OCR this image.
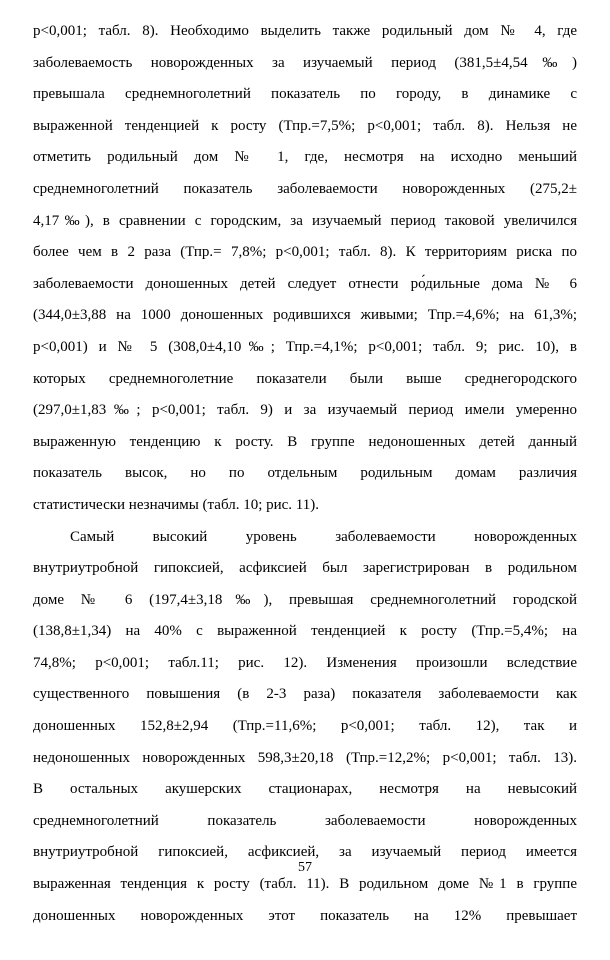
р<0,001; табл. 8). Необходимо выделить также родильный дом № 4, где
заболеваемость новорожденных за изучаемый период (381,5±4,54‰)
превышала среднемноголетний показатель по городу, в динамике с
выраженной тенденцией к росту (Тпр.=7,5%; p<0,001; табл. 8). Нельзя не
отметить родильный дом № 1, где, несмотря на исходно меньший
среднемноголетний показатель заболеваемости новорожденных (275,2±
4,17‰), в сравнении с городским, за изучаемый период таковой увеличился
более чем в 2 раза (Тпр.= 7,8%; p<0,001; табл. 8). К территориям риска по
заболеваемости доношенных детей следует отнести ро́дильные дома № 6
(344,0±3,88 на 1000 доношенных родившихся живыми; Тпр.=4,6%; на 61,3%;
p<0,001) и № 5 (308,0±4,10‰; Тпр.=4,1%; p<0,001; табл. 9; рис. 10), в
которых среднемноголетние показатели были выше среднегородского
(297,0±1,83‰; p<0,001; табл. 9) и за изучаемый период имели умеренно
выраженную тенденцию к росту. В группе недоношенных детей данный
показатель высок, но по отдельным родильным домам различия
статистически незначимы (табл. 10; рис. 11).
Самый высокий уровень заболеваемости новорожденных
внутриутробной гипоксией, асфиксией был зарегистрирован в родильном
доме № 6 (197,4±3,18‰), превышая среднемноголетний городской
(138,8±1,34) на 40% с выраженной тенденцией к росту (Тпр.=5,4%; на
74,8%; p<0,001; табл.11; рис. 12). Изменения произошли вследствие
существенного повышения (в 2-3 раза) показателя заболеваемости как
доношенных 152,8±2,94 (Тпр.=11,6%; p<0,001; табл. 12), так и
недоношенных новорожденных 598,3±20,18 (Тпр.=12,2%; p<0,001; табл. 13).
В остальных акушерских стационарах, несмотря на невысокий
среднемноголетний показатель заболеваемости новорожденных
внутриутробной гипоксией, асфиксией, за изучаемый период имеется
выраженная тенденция к росту (табл. 11). В родильном доме №1 в группе
доношенных новорожденных этот показатель на 12% превышает
57
